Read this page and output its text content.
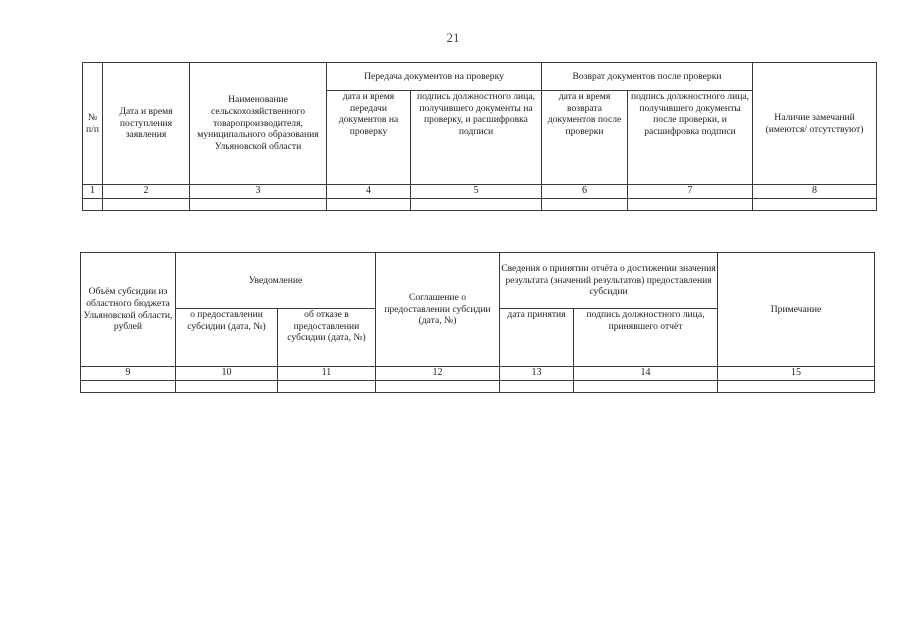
21
№ п/п	Дата и время поступления заявления	Наименование сельскохозяйственного товаропроизводителя, муниципального образования Ульяновской области	Передача документов на проверку		Возврат документов после проверки		Наличие замечаний (имеются/ отсутствуют)
			дата и время передачи документов на проверку	подпись должностного лица, получившего документы на проверку, и расшифровка подписи	дата и время возврата документов после проверки	подпись должностного лица, получившего документы после проверки, и расшифровка подписи	
1	2	3	4	5	6	7	8

Объём субсидии из областного бюджета Ульяновской области, рублей	Уведомление		Соглашение о предоставлении субсидии (дата, №)	Сведения о принятии отчёта о достижении значения результата (значений результатов) предоставления субсидии		Примечание
	о предоставлении субсидии (дата, №)	об отказе в предоставлении субсидии (дата, №)		дата принятия	подпись должностного лица, принявшего отчёт	
9	10	11	12	13	14	15
